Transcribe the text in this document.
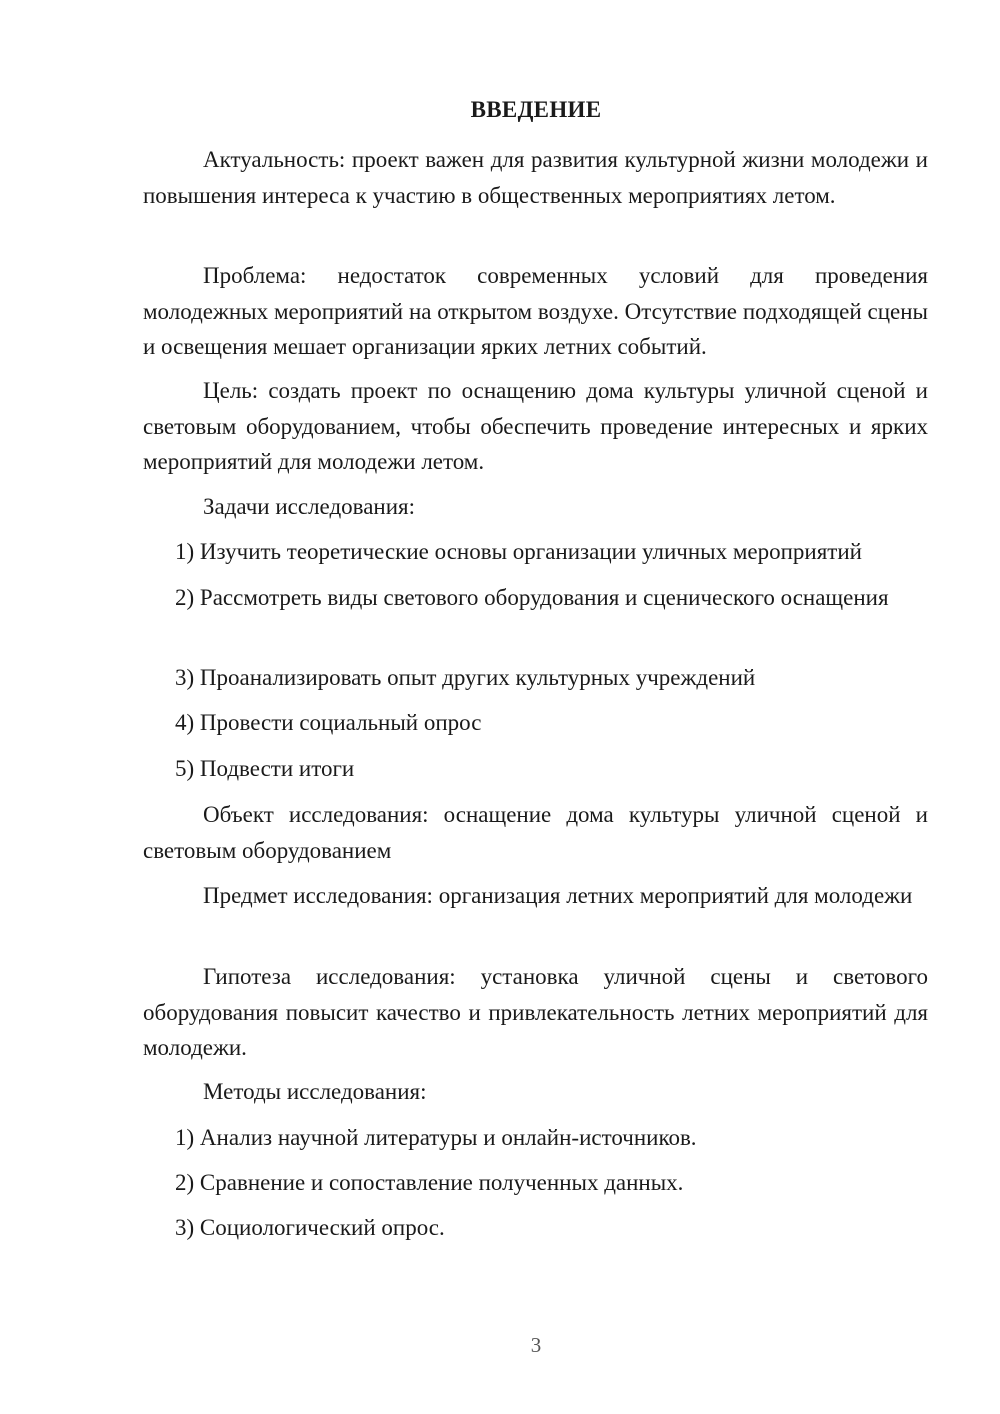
ВВЕДЕНИЕ

Актуальность: проект важен для развития культурной жизни молодежи и повышения интереса к участию в общественных мероприятиях летом.

Проблема: недостаток современных условий для проведения молодежных мероприятий на открытом воздухе. Отсутствие подходящей сцены и освещения мешает организации ярких летних событий.

Цель: создать проект по оснащению дома культуры уличной сценой и световым оборудованием, чтобы обеспечить проведение интересных и ярких мероприятий для молодежи летом.

Задачи исследования:

1) Изучить теоретические основы организации уличных мероприятий

2) Рассмотреть виды светового оборудования и сценического оснащения

3) Проанализировать опыт других культурных учреждений

4) Провести социальный опрос

5) Подвести итоги

Объект исследования: оснащение дома культуры уличной сценой и световым оборудованием

Предмет исследования: организация летних мероприятий для молодежи

Гипотеза исследования: установка уличной сцены и светового оборудования повысит качество и привлекательность летних мероприятий для молодежи.

Методы исследования:

1) Анализ научной литературы и онлайн-источников.

2) Сравнение и сопоставление полученных данных.

3) Социологический опрос.

3
